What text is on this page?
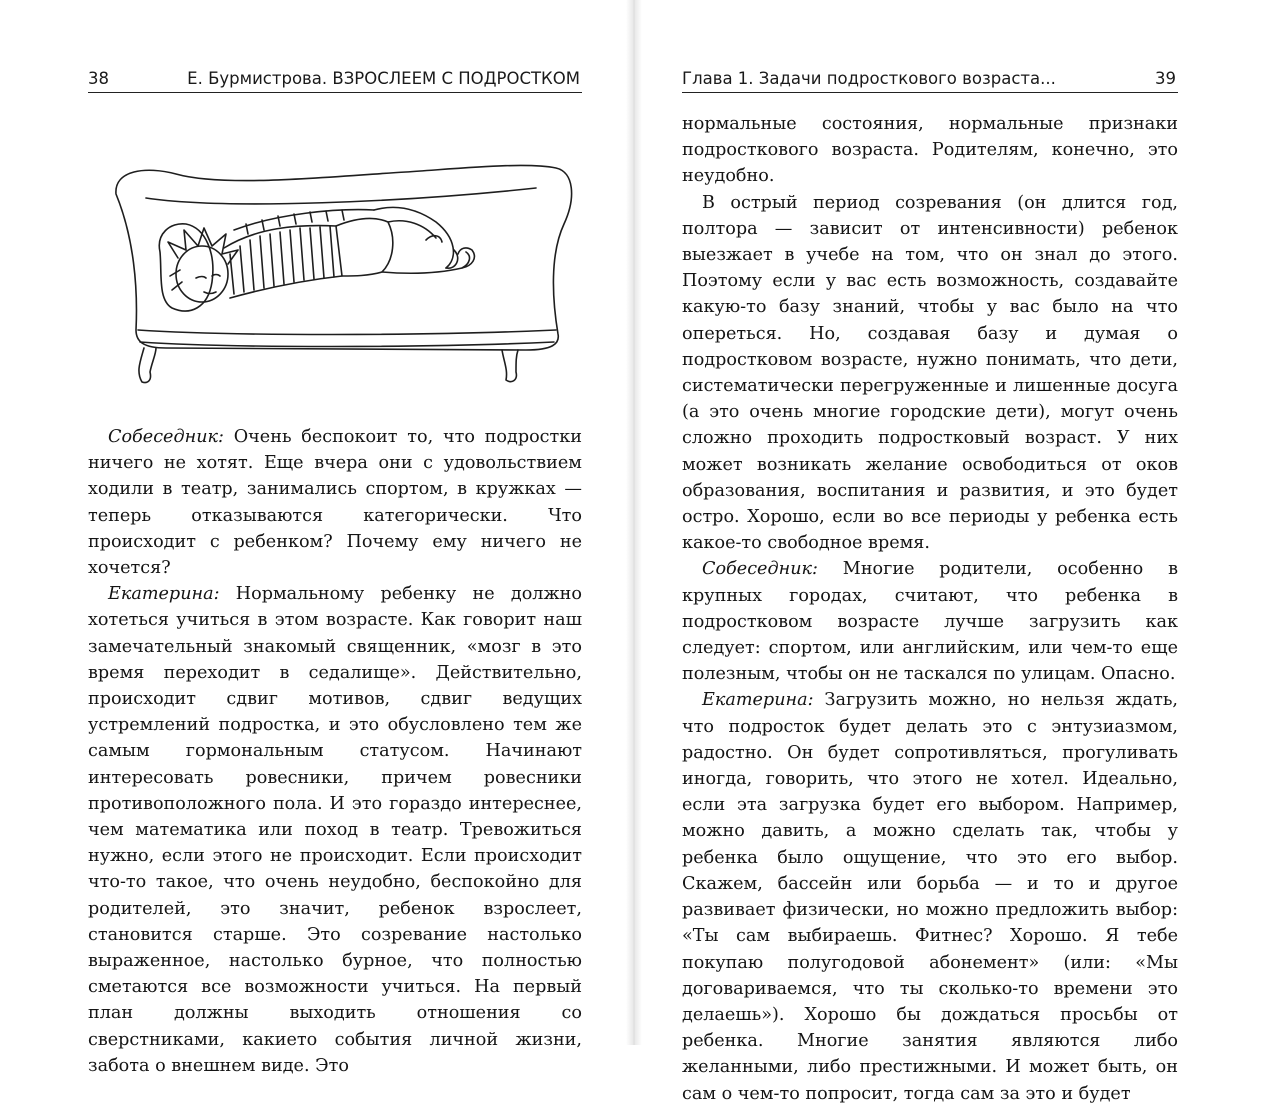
38	Е. Бурмистрова. ВЗРОСЛЕЕМ С ПОДРОСТКОМ

Собеседник: Очень беспокоит то, что подростки ничего не хотят. Еще вчера они с удовольствием ходили в театр, занимались спортом, в кружках — теперь отказываются категорически. Что происходит с ребенком? Почему ему ничего не хочется?

Екатерина: Нормальному ребенку не должно хотеться учиться в этом возрасте. Как говорит наш замечательный знакомый священник, «мозг в это время переходит в седалище». Действительно, происходит сдвиг мотивов, сдвиг ведущих устремлений подростка, и это обусловлено тем же самым гормональным статусом. Начинают интересовать ровесники, причем ровесники противоположного пола. И это гораздо интереснее, чем математика или поход в театр. Тревожиться нужно, если этого не происходит. Если происходит что-то такое, что очень неудобно, беспокойно для родителей, это значит, ребенок взрослеет, становится старше. Это созревание настолько выраженное, настолько бурное, что полностью сметаются все возможности учиться. На первый план должны выходить отношения со сверстниками, какието события личной жизни, забота о внешнем виде. Это

Глава 1. Задачи подросткового возраста...	39

нормальные состояния, нормальные признаки подросткового возраста. Родителям, конечно, это неудобно.

В острый период созревания (он длится год, полтора — зависит от интенсивности) ребенок выезжает в учебе на том, что он знал до этого. Поэтому если у вас есть возможность, создавайте какую-то базу знаний, чтобы у вас было на что опереться. Но, создавая базу и думая о подростковом возрасте, нужно понимать, что дети, систематически перегруженные и лишенные досуга (а это очень многие городские дети), могут очень сложно проходить подростковый возраст. У них может возникать желание освободиться от оков образования, воспитания и развития, и это будет остро. Хорошо, если во все периоды у ребенка есть какое-то свободное время.

Собеседник: Многие родители, особенно в крупных городах, считают, что ребенка в подростковом возрасте лучше загрузить как следует: спортом, или английским, или чем-то еще полезным, чтобы он не таскался по улицам. Опасно.

Екатерина: Загрузить можно, но нельзя ждать, что подросток будет делать это с энтузиазмом, радостно. Он будет сопротивляться, прогуливать иногда, говорить, что этого не хотел. Идеально, если эта загрузка будет его выбором. Например, можно давить, а можно сделать так, чтобы у ребенка было ощущение, что это его выбор. Скажем, бассейн или борьба — и то и другое развивает физически, но можно предложить выбор: «Ты сам выбираешь. Фитнес? Хорошо. Я тебе покупаю полугодовой абонемент» (или: «Мы договариваемся, что ты сколько-то времени это делаешь»). Хорошо бы дождаться просьбы от ребенка. Многие занятия являются либо желанными, либо престижными. И может быть, он сам о чем-то попросит, тогда сам за это и будет
